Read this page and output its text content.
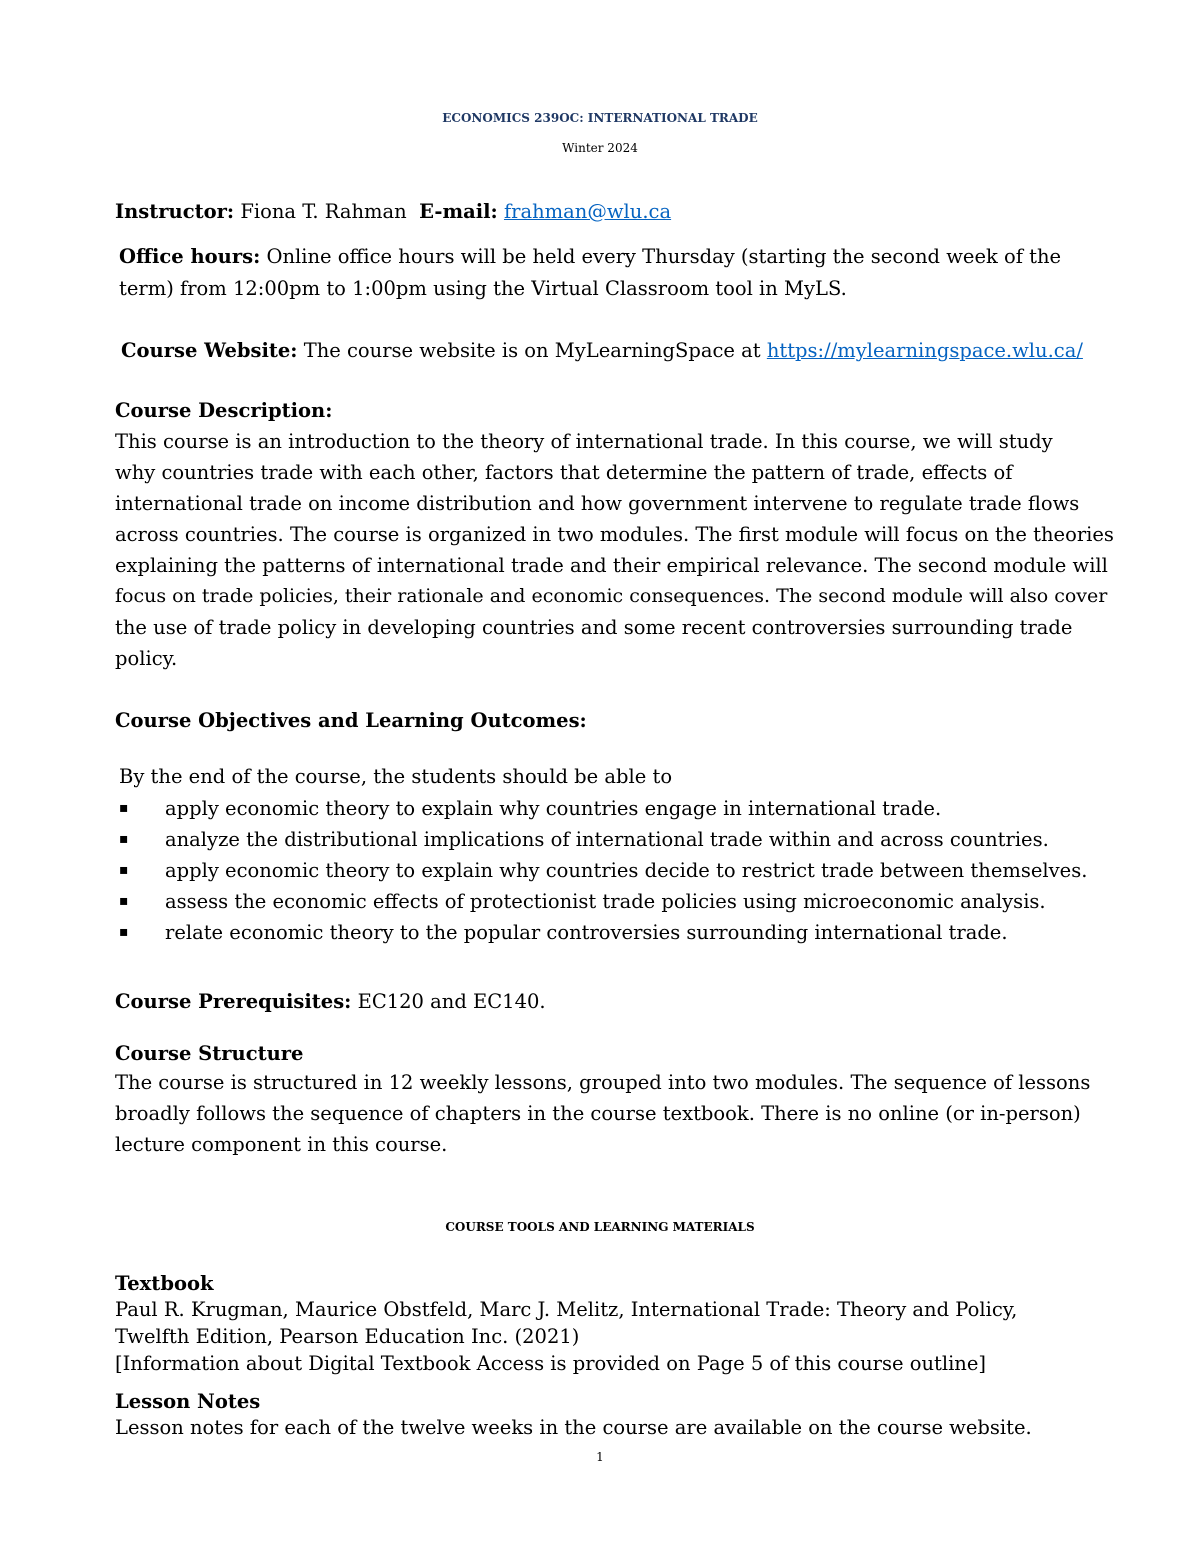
ECONOMICS 239OC: INTERNATIONAL TRADE

Winter 2024

Instructor: Fiona T. Rahman E-mail: frahman@wlu.ca

Office hours: Online office hours will be held every Thursday (starting the second week of the

term) from 12:00pm to 1:00pm using the Virtual Classroom tool in MyLS.

Course Website: The course website is on MyLearningSpace at https://mylearningspace.wlu.ca/

Course Description:

This course is an introduction to the theory of international trade. In this course, we will study
why countries trade with each other, factors that determine the pattern of trade, effects of
international trade on income distribution and how government intervene to regulate trade flows
across countries. The course is organized in two modules. The first module will focus on the theories
explaining the patterns of international trade and their empirical relevance. The second module will
focus on trade policies, their rationale and economic consequences. The second module will also cover
the use of trade policy in developing countries and some recent controversies surrounding trade
policy.

Course Objectives and Learning Outcomes:

By the end of the course, the students should be able to

▪ apply economic theory to explain why countries engage in international trade.
▪ analyze the distributional implications of international trade within and across countries.
▪ apply economic theory to explain why countries decide to restrict trade between themselves.
▪ assess the economic effects of protectionist trade policies using microeconomic analysis.
▪ relate economic theory to the popular controversies surrounding international trade.

Course Prerequisites: EC120 and EC140.

Course Structure

The course is structured in 12 weekly lessons, grouped into two modules. The sequence of lessons
broadly follows the sequence of chapters in the course textbook. There is no online (or in-person)
lecture component in this course.

COURSE TOOLS AND LEARNING MATERIALS

Textbook

Paul R. Krugman, Maurice Obstfeld, Marc J. Melitz, International Trade: Theory and Policy,
Twelfth Edition, Pearson Education Inc. (2021)
[Information about Digital Textbook Access is provided on Page 5 of this course outline]

Lesson Notes

Lesson notes for each of the twelve weeks in the course are available on the course website.

1
